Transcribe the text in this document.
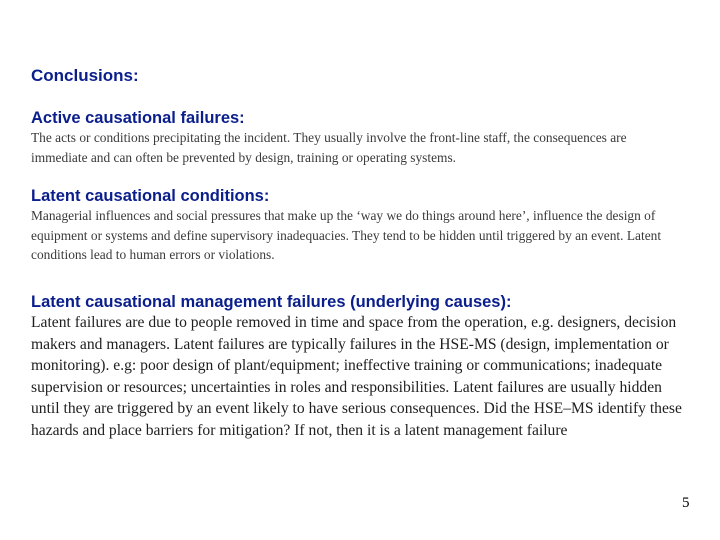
Conclusions:

Active causational failures:

The acts or conditions precipitating the incident. They usually involve the front-line staff, the consequences are immediate and can often be prevented by design, training or operating systems.

Latent causational conditions:

Managerial influences and social pressures that make up the ‘way we do things around here’, influence the design of equipment or systems and define supervisory inadequacies. They tend to be hidden until triggered by an event. Latent conditions lead to human errors or violations.

Latent causational management failures (underlying causes):

Latent failures are due to people removed in time and space from the operation, e.g. designers, decision makers and managers. Latent failures are typically failures in the HSE-MS (design, implementation or monitoring). e.g: poor design of plant/equipment; ineffective training or communications; inadequate supervision or resources; uncertainties in roles and responsibilities. Latent failures are usually hidden until they are triggered by an event likely to have serious consequences. Did the HSE–MS identify these hazards and place barriers for mitigation? If not, then it is a latent management failure

5
